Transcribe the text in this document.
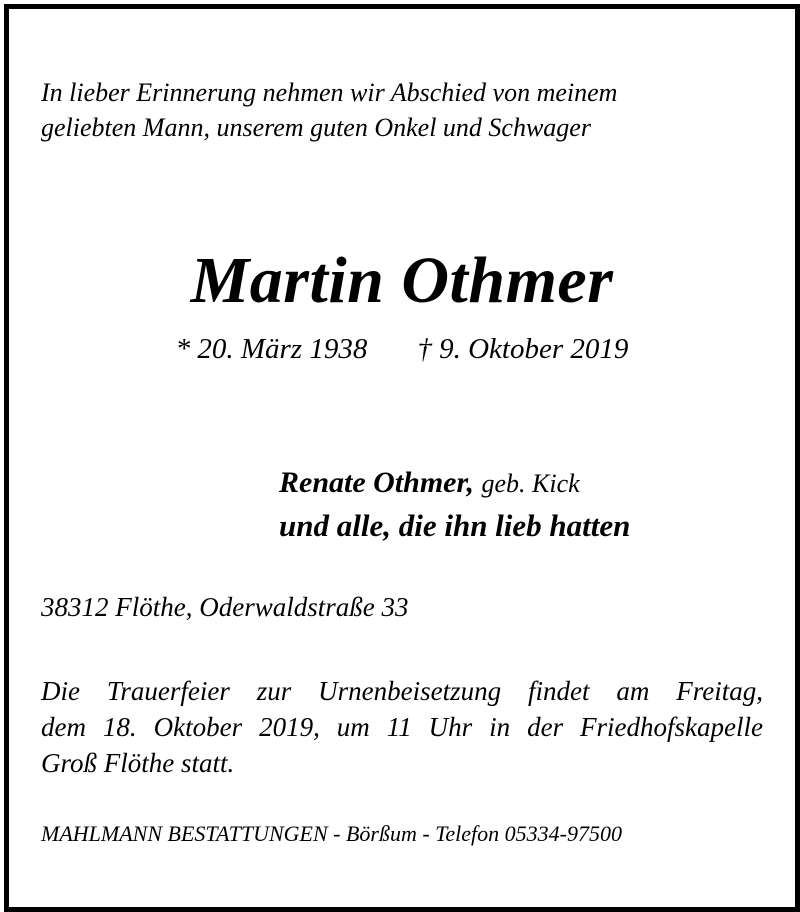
In lieber Erinnerung nehmen wir Abschied von meinem
geliebten Mann, unserem guten Onkel und Schwager
Martin Othmer
* 20. März 1938 † 9. Oktober 2019
Renate Othmer, geb. Kick
und alle, die ihn lieb hatten
38312 Flöthe, Oderwaldstraße 33
Die Trauerfeier zur Urnenbeisetzung findet am Freitag,
dem 18. Oktober 2019, um 11 Uhr in der Friedhofskapelle
Groß Flöthe statt.
MAHLMANN BESTATTUNGEN - Börßum - Telefon 05334-97500
